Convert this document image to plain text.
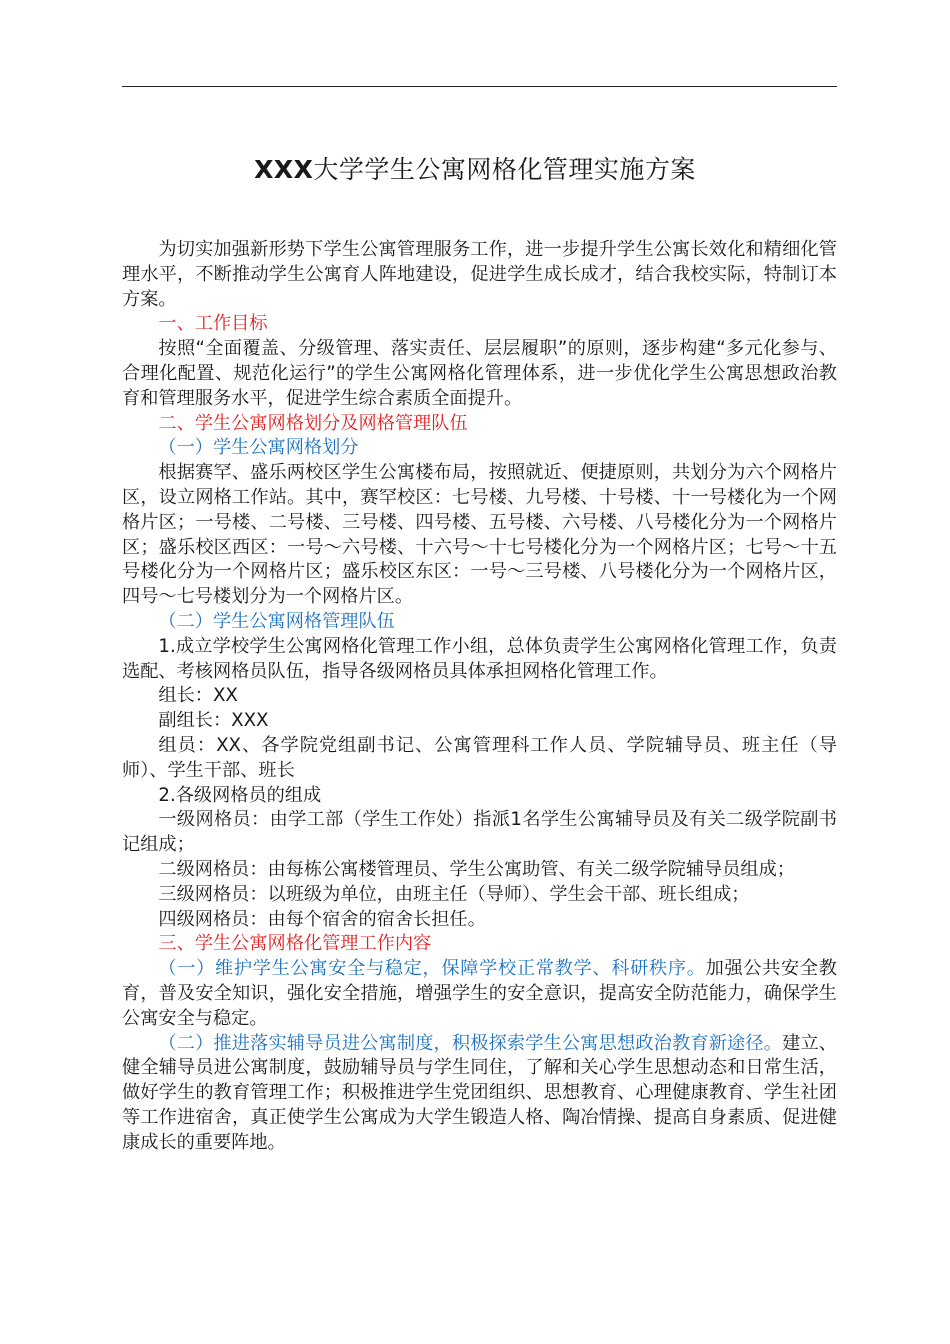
XXX大学学生公寓网格化管理实施方案

为切实加强新形势下学生公寓管理服务工作，进一步提升学生公寓长效化和精细化管理水平，不断推动学生公寓育人阵地建设，促进学生成长成才，结合我校实际，特制订本方案。

一、工作目标

按照“全面覆盖、分级管理、落实责任、层层履职”的原则，逐步构建“多元化参与、合理化配置、规范化运行”的学生公寓网格化管理体系，进一步优化学生公寓思想政治教育和管理服务水平，促进学生综合素质全面提升。

二、学生公寓网格划分及网格管理队伍

（一）学生公寓网格划分

根据赛罕、盛乐两校区学生公寓楼布局，按照就近、便捷原则，共划分为六个网格片区，设立网格工作站。其中，赛罕校区：七号楼、九号楼、十号楼、十一号楼化为一个网格片区；一号楼、二号楼、三号楼、四号楼、五号楼、六号楼、八号楼化分为一个网格片区；盛乐校区西区：一号～六号楼、十六号～十七号楼化分为一个网格片区；七号～十五号楼化分为一个网格片区；盛乐校区东区：一号～三号楼、八号楼化分为一个网格片区，四号～七号楼划分为一个网格片区。

（二）学生公寓网格管理队伍

1.成立学校学生公寓网格化管理工作小组，总体负责学生公寓网格化管理工作，负责选配、考核网格员队伍，指导各级网格员具体承担网格化管理工作。

组长：XX

副组长：XXX

组员：XX、各学院党组副书记、公寓管理科工作人员、学院辅导员、班主任（导师）、学生干部、班长

2.各级网格员的组成

一级网格员：由学工部（学生工作处）指派1名学生公寓辅导员及有关二级学院副书记组成；

二级网格员：由每栋公寓楼管理员、学生公寓助管、有关二级学院辅导员组成；

三级网格员：以班级为单位，由班主任（导师）、学生会干部、班长组成；

四级网格员：由每个宿舍的宿舍长担任。

三、学生公寓网格化管理工作内容

（一）维护学生公寓安全与稳定，保障学校正常教学、科研秩序。加强公共安全教育，普及安全知识，强化安全措施，增强学生的安全意识，提高安全防范能力，确保学生公寓安全与稳定。

（二）推进落实辅导员进公寓制度，积极探索学生公寓思想政治教育新途径。建立、健全辅导员进公寓制度，鼓励辅导员与学生同住，了解和关心学生思想动态和日常生活，做好学生的教育管理工作；积极推进学生党团组织、思想教育、心理健康教育、学生社团等工作进宿舍，真正使学生公寓成为大学生锻造人格、陶冶情操、提高自身素质、促进健康成长的重要阵地。
